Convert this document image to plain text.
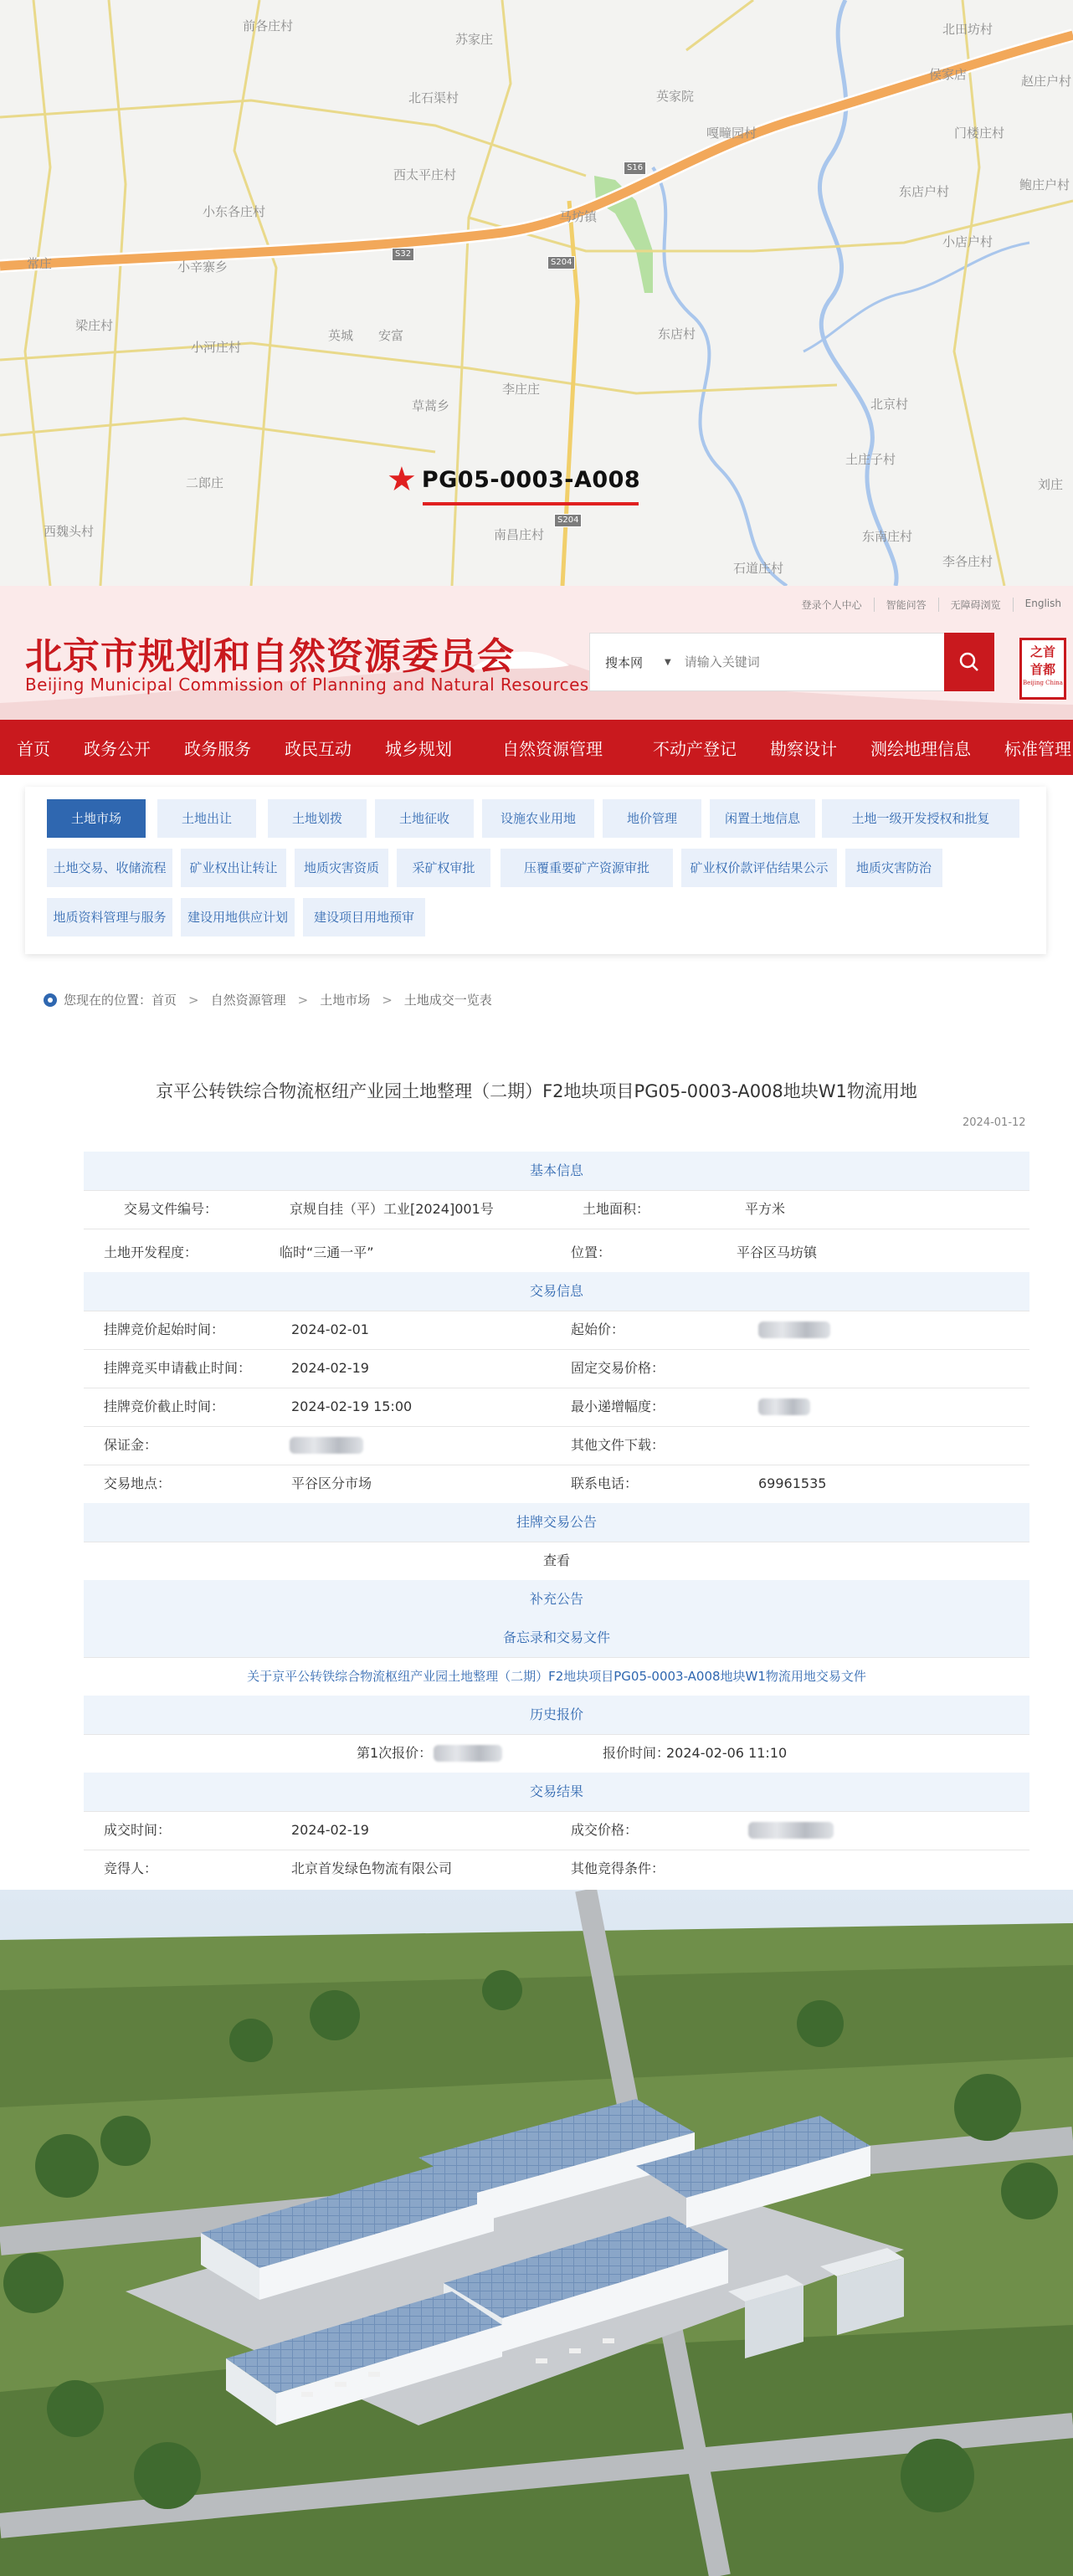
马坊镇
北石渠村
西太平庄村
小东各庄村
小辛寨乡
梁庄村
小河庄村
英城 安富
草蒿乡
李庄庄
二郎庄
西魏头村	南昌庄村
东店村
北京村
土庄子村
东南庄村
石道庄村	李各庄村
侯家店	赵庄户村
英家院
嘎疃园村	门楼庄村
鲍庄户村
东店户村
小店户村
刘庄
苏家庄
前各庄村	北田坊村
常庄
S16
S32
S204
S204
★ PG05-0003-A008
登录个人中心	智能问答	无障碍浏览	English
北京市规划和自然资源委员会
Beijing Municipal Commission of Planning and Natural Resources
搜本网	▼
请输入关键词
之首
首都
Beijing China
首页	政务公开	政务服务	政民互动	城乡规划	自然资源管理	不动产登记	勘察设计	测绘地理信息	标准管理
土地市场	土地出让	土地划拨	土地征收	设施农业用地	地价管理	闲置土地信息	土地一级开发授权和批复
土地交易、收储流程	矿业权出让转让	地质灾害资质	采矿权审批	压覆重要矿产资源审批	矿业权价款评估结果公示	地质灾害防治
地质资料管理与服务	建设用地供应计划	建设项目用地预审
您现在的位置： 首页 > 自然资源管理 > 土地市场 > 土地成交一览表
京平公转铁综合物流枢纽产业园土地整理（二期）F2地块项目PG05-0003-A008地块W1物流用地
2024-01-12
基本信息
交易文件编号：	京规自挂（平）工业[2024]001号	土地面积：	平方米
土地开发程度：	临时“三通一平”	位置：	平谷区马坊镇
交易信息
挂牌竞价起始时间：	2024-02-01	起始价：
挂牌竞买申请截止时间：	2024-02-19	固定交易价格：
挂牌竞价截止时间：	2024-02-19 15:00	最小递增幅度：
保证金：	其他文件下载：
交易地点：	平谷区分市场	联系电话：	69961535
挂牌交易公告
查看
补充公告
备忘录和交易文件
关于京平公转铁综合物流枢纽产业园土地整理（二期）F2地块项目PG05-0003-A008地块W1物流用地交易文件
历史报价
第1次报价：	报价时间：
2024-02-06 11:10
交易结果
成交时间：	2024-02-19	成交价格：
竞得人：	北京首发绿色物流有限公司	其他竞得条件：
